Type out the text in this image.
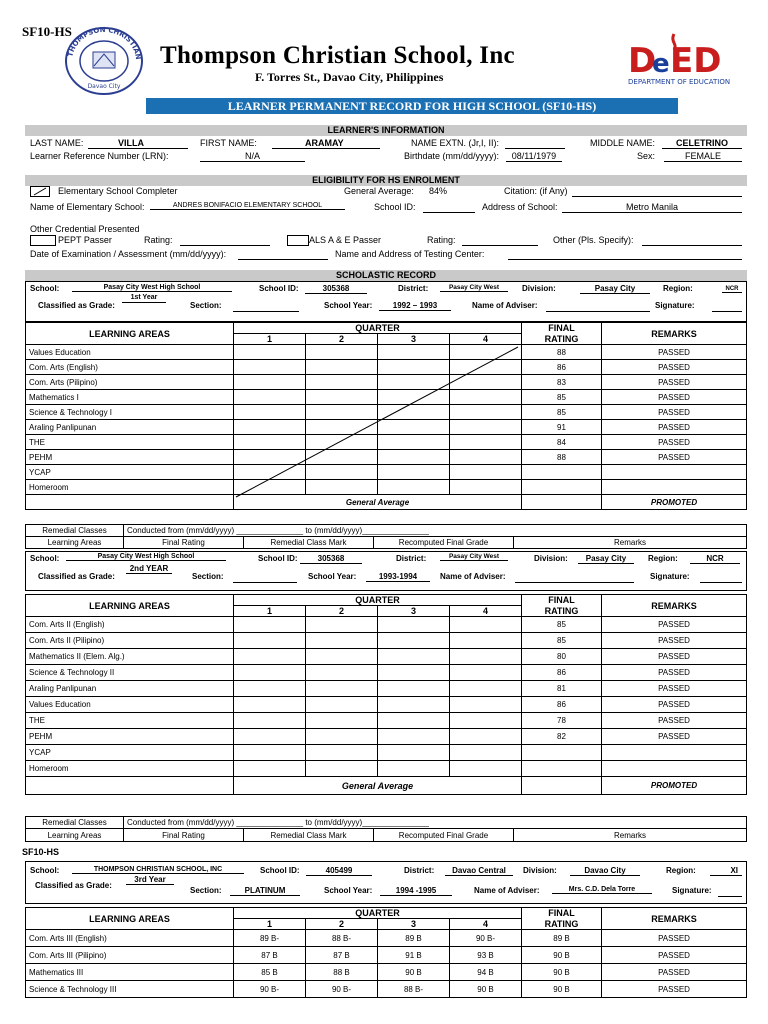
SF10-HS
THOMPSON CHRISTIAN
Davao City
Thompson Christian School, Inc
F. Torres St., Davao City, Philippines	D
e ED
DEPARTMENT OF EDUCATION
LEARNER PERMANENT RECORD FOR HIGH SCHOOL (SF10-HS)
LEARNER'S INFORMATION
LAST NAME:	VILLA	FIRST NAME:	ARAMAY	NAME EXTN. (Jr,I, II):	MIDDLE NAME:	CELETRINO
Learner Reference Number (LRN):	N/A	Birthdate (mm/dd/yyyy):	08/11/1979	Sex:	FEMALE
ELIGIBILITY FOR HS ENROLMENT
Elementary School Completer	General Average: 84%	Citation: (if Any)
Name of Elementary School:	ANDRES BONIFACIO ELEMENTARY SCHOOL	School ID:	Address of School:	Metro Manila
Other Credential Presented
PEPT Passer	Rating:	ALS A & E Passer	Rating:	Other (Pls. Specify):
Date of Examination / Assessment (mm/dd/yyyy):	Name and Address of Testing Center:
SCHOLASTIC RECORD
School:	Pasay City West High School	School ID:	305368	District:	Pasay City West	Division:	Pasay City	Region:	NCR
Classified as Grade:
1st Year
Section:	School Year:	1992 – 1993	Name of Adviser:	Signature:
LEARNING AREAS	QUARTER				FINAL	REMARKS
	1	2	3	4	RATING	
Values Education					88	PASSED
Com. Arts (English)					86	PASSED
Com. Arts (Pilipino)					83	PASSED
Mathematics I					85	PASSED
Science & Technology I					85	PASSED
Araling Panlipunan					91	PASSED
THE					84	PASSED
PEHM					88	PASSED
YCAP						
Homeroom						
	General Average					PROMOTED
Remedial Classes	Conducted from (mm/dd/yyyy) _______________ to (mm/dd/yyyy)_______________			
Learning Areas	Final Rating	Remedial Class Mark	Recomputed Final Grade	Remarks
School:	Pasay City West High School	School ID:	305368	District:	Pasay City West	Division:	Pasay City	Region:	NCR
Classified as Grade:
2nd YEAR
Section:	School Year:	1993-1994	Name of Adviser:	Signature:
LEARNING AREAS	QUARTER				FINAL	REMARKS
	1	2	3	4	RATING	
Com. Arts II (English)					85	PASSED
Com. Arts II (Pilipino)					85	PASSED
Mathematics II (Elem. Alg.)					80	PASSED
Science & Technology II					86	PASSED
Araling Panlipunan					81	PASSED
Values Education					86	PASSED
THE					78	PASSED
PEHM					82	PASSED
YCAP						
Homeroom						
	General Average					PROMOTED
Remedial Classes	Conducted from (mm/dd/yyyy) _______________ to (mm/dd/yyyy)_______________			
Learning Areas	Final Rating	Remedial Class Mark	Recomputed Final Grade	Remarks
SF10-HS
School:	THOMPSON CHRISTIAN SCHOOL, INC	School ID:	405499	District:	Davao Central	Division:	Davao City	Region:	XI
Classified as Grade:
3rd Year
Section:	PLATINUM	School Year:	1994 -1995	Name of Adviser:	Mrs. C.D. Dela Torre	Signature:
LEARNING AREAS	QUARTER				FINAL	REMARKS
	1	2	3	4	RATING	
Com. Arts III (English)	89 B-	88 B-	89 B	90 B-	89 B	PASSED
Com. Arts III (Pilipino)	87 B	87 B	91 B	93 B	90 B	PASSED
Mathematics III	85 B	88 B	90 B	94 B	90 B	PASSED
Science & Technology III	90 B-	90 B-	88 B-	90 B	90 B	PASSED
